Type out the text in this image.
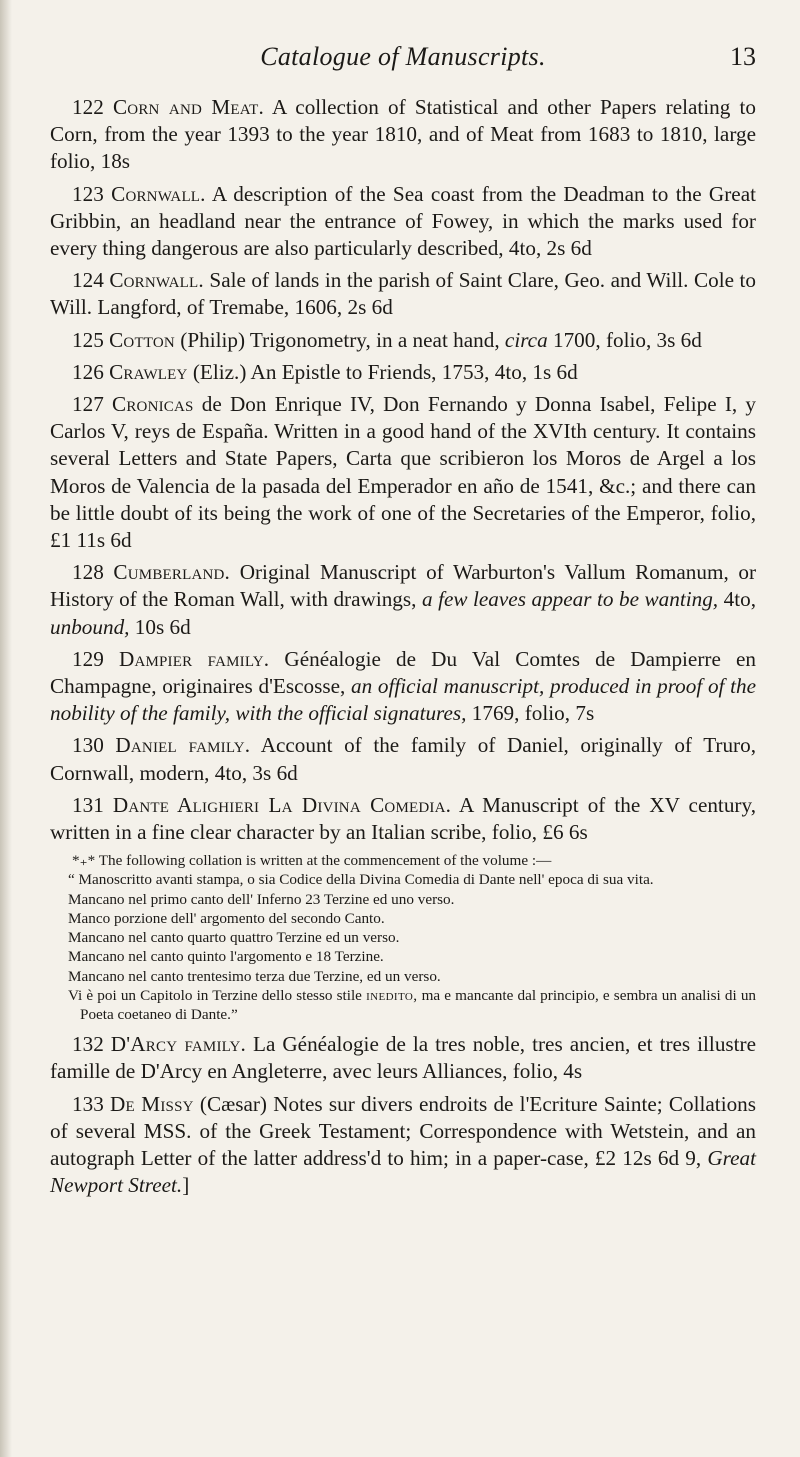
Catalogue of Manuscripts.	13

122 Corn and Meat. A collection of Statistical and other Papers relating to Corn, from the year 1393 to the year 1810, and of Meat from 1683 to 1810, large folio, 18s

123 Cornwall. A description of the Sea coast from the Deadman to the Great Gribbin, an headland near the entrance of Fowey, in which the marks used for every thing dangerous are also particularly described, 4to, 2s 6d

124 Cornwall. Sale of lands in the parish of Saint Clare, Geo. and Will. Cole to Will. Langford, of Tremabe, 1606, 2s 6d

125 Cotton (Philip) Trigonometry, in a neat hand, circa 1700, folio, 3s 6d

126 Crawley (Eliz.) An Epistle to Friends, 1753, 4to, 1s 6d

127 Cronicas de Don Enrique IV, Don Fernando y Donna Isabel, Felipe I, y Carlos V, reys de España. Written in a good hand of the XVIth century. It contains several Letters and State Papers, Carta que scribieron los Moros de Argel a los Moros de Valencia de la pasada del Emperador en año de 1541, &c.; and there can be little doubt of its being the work of one of the Secretaries of the Emperor, folio, £1 11s 6d

128 Cumberland. Original Manuscript of Warburton's Vallum Romanum, or History of the Roman Wall, with drawings, a few leaves appear to be wanting, 4to, unbound, 10s 6d

129 Dampier family. Généalogie de Du Val Comtes de Dampierre en Champagne, originaires d'Escosse, an official manuscript, produced in proof of the nobility of the family, with the official signatures, 1769, folio, 7s

130 Daniel family. Account of the family of Daniel, originally of Truro, Cornwall, modern, 4to, 3s 6d

131 Dante Alighieri La Divina Comedia. A Manuscript of the XV century, written in a fine clear character by an Italian scribe, folio, £6 6s

*₊* The following collation is written at the commencement of the volume :—
“ Manoscritto avanti stampa, o sia Codice della Divina Comedia di Dante nell' epoca di sua vita.
Mancano nel primo canto dell' Inferno 23 Terzine ed uno verso.
Manco porzione dell' argomento del secondo Canto.
Mancano nel canto quarto quattro Terzine ed un verso.
Mancano nel canto quinto l'argomento e 18 Terzine.
Mancano nel canto trentesimo terza due Terzine, ed un verso.
Vi è poi un Capitolo in Terzine dello stesso stile inedito, ma e mancante dal principio, e sembra un analisi di un Poeta coetaneo di Dante.”

132 D'Arcy family. La Généalogie de la tres noble, tres ancien, et tres illustre famille de D'Arcy en Angleterre, avec leurs Alliances, folio, 4s

133 De Missy (Cæsar) Notes sur divers endroits de l'Ecriture Sainte; Collations of several MSS. of the Greek Testament; Correspondence with Wetstein, and an autograph Letter of the latter address'd to him; in a paper-case, £2 12s 6d 9, Great Newport Street.]
